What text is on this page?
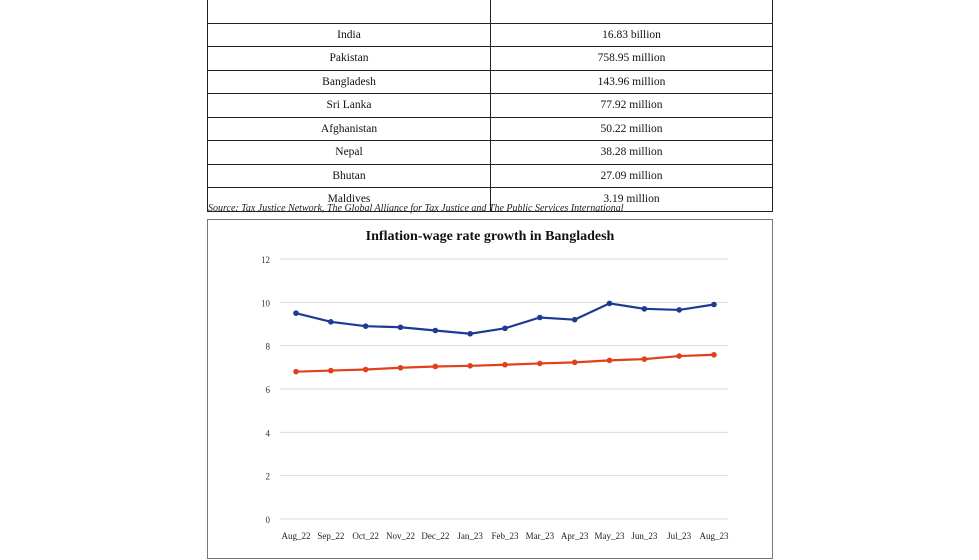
India	16.83 billion
Pakistan	758.95 million
Bangladesh	143.96 million
Sri Lanka	77.92 million
Afghanistan	50.22 million
Nepal	38.28 million
Bhutan	27.09 million
Maldives	3.19 million
Source: Tax Justice Network, The Global Alliance for Tax Justice and The Public Services International
Inflation-wage rate growth in Bangladesh
0
2
4
6
8
10
12
Aug_22 Sep_22 Oct_22 Nov_22 Dec_22 Jan_23 Feb_23 Mar_23 Apr_23 May_23 Jun_23 Jul_23 Aug_23
